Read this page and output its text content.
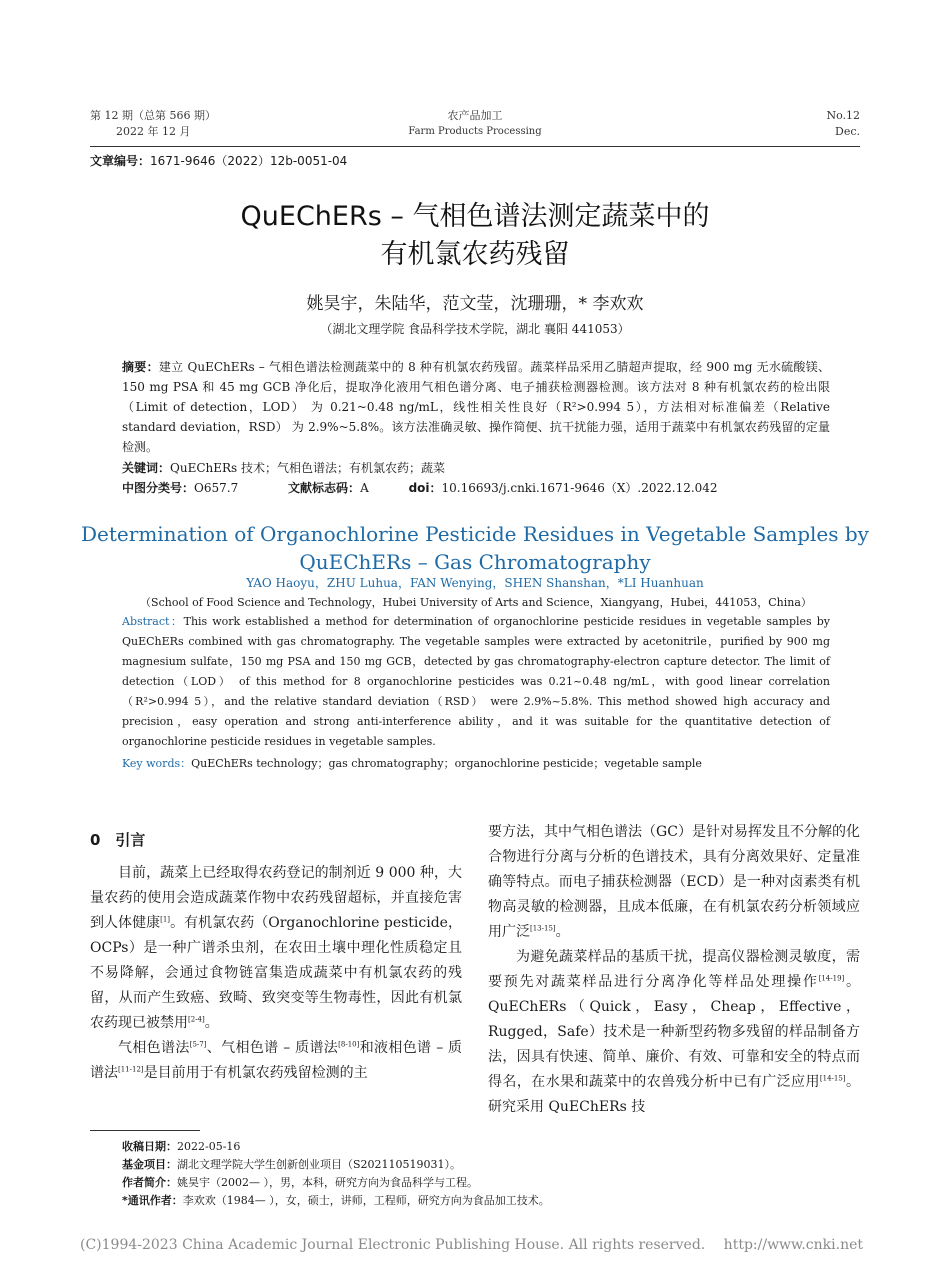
第 12 期（总第 566 期）
2022 年 12 月
农产品加工
Farm Products Processing
No.12
Dec.
文章编号：1671-9646（2022）12b-0051-04
QuEChERs – 气相色谱法测定蔬菜中的
有机氯农药残留
姚昊宇，朱陆华，范文莹，沈珊珊，* 李欢欢
（湖北文理学院 食品科学技术学院，湖北 襄阳 441053）
摘要：建立 QuEChERs – 气相色谱法检测蔬菜中的 8 种有机氯农药残留。蔬菜样品采用乙腈超声提取，经 900 mg 无水硫酸镁、150 mg PSA 和 45 mg GCB 净化后，提取净化液用气相色谱分离、电子捕获检测器检测。该方法对 8 种有机氯农药的检出限（Limit of detection，LOD） 为 0.21~0.48 ng/mL，线性相关性良好（R²>0.994 5），方法相对标准偏差（Relative standard deviation，RSD） 为 2.9%~5.8%。该方法准确灵敏、操作简便、抗干扰能力强，适用于蔬菜中有机氯农药残留的定量检测。
关键词：QuEChERs 技术；气相色谱法；有机氯农药；蔬菜
中图分类号：O657.7	文献标志码：A	doi：10.16693/j.cnki.1671-9646（X）.2022.12.042
Determination of Organochlorine Pesticide Residues in Vegetable Samples by
QuEChERs – Gas Chromatography
YAO Haoyu，ZHU Luhua，FAN Wenying，SHEN Shanshan，*LI Huanhuan
（School of Food Science and Technology，Hubei University of Arts and Science，Xiangyang，Hubei，441053，China）
Abstract：This work established a method for determination of organochlorine pesticide residues in vegetable samples by QuEChERs combined with gas chromatography. The vegetable samples were extracted by acetonitrile，purified by 900 mg magnesium sulfate，150 mg PSA and 150 mg GCB，detected by gas chromatography-electron capture detector. The limit of detection（LOD） of this method for 8 organochlorine pesticides was 0.21~0.48 ng/mL，with good linear correlation（R²>0.994 5），and the relative standard deviation（RSD） were 2.9%~5.8%. This method showed high accuracy and precision，easy operation and strong anti-interference ability，and it was suitable for the quantitative detection of organochlorine pesticide residues in vegetable samples.
Key words：QuEChERs technology；gas chromatography；organochlorine pesticide；vegetable sample
0　引言

目前，蔬菜上已经取得农药登记的制剂近 9 000 种，大量农药的使用会造成蔬菜作物中农药残留超标，并直接危害到人体健康[1]。有机氯农药（Organochlorine pesticide，OCPs）是一种广谱杀虫剂，在农田土壤中理化性质稳定且不易降解，会通过食物链富集造成蔬菜中有机氯农药的残留，从而产生致癌、致畸、致突变等生物毒性，因此有机氯农药现已被禁用[2-4]。

气相色谱法[5-7]、气相色谱 – 质谱法[8-10]和液相色谱 – 质谱法[11-12]是目前用于有机氯农药残留检测的主

要方法，其中气相色谱法（GC）是针对易挥发且不分解的化合物进行分离与分析的色谱技术，具有分离效果好、定量准确等特点。而电子捕获检测器（ECD）是一种对卤素类有机物高灵敏的检测器，且成本低廉，在有机氯农药分析领域应用广泛[13-15]。

为避免蔬菜样品的基质干扰，提高仪器检测灵敏度，需要预先对蔬菜样品进行分离净化等样品处理操作[14-19]。QuEChERs（Quick，Easy，Cheap，Effective，Rugged，Safe）技术是一种新型药物多残留的样品制备方法，因具有快速、简单、廉价、有效、可靠和安全的特点而得名，在水果和蔬菜中的农兽残分析中已有广泛应用[14-15]。研究采用 QuEChERs 技

收稿日期：2022-05-16
基金项目：湖北文理学院大学生创新创业项目（S202110519031）。
作者简介：姚昊宇（2002— ），男，本科，研究方向为食品科学与工程。
*通讯作者：李欢欢（1984— ），女，硕士，讲师，工程师，研究方向为食品加工技术。
(C)1994-2023 China Academic Journal Electronic Publishing House. All rights reserved.　 http://www.cnki.net
